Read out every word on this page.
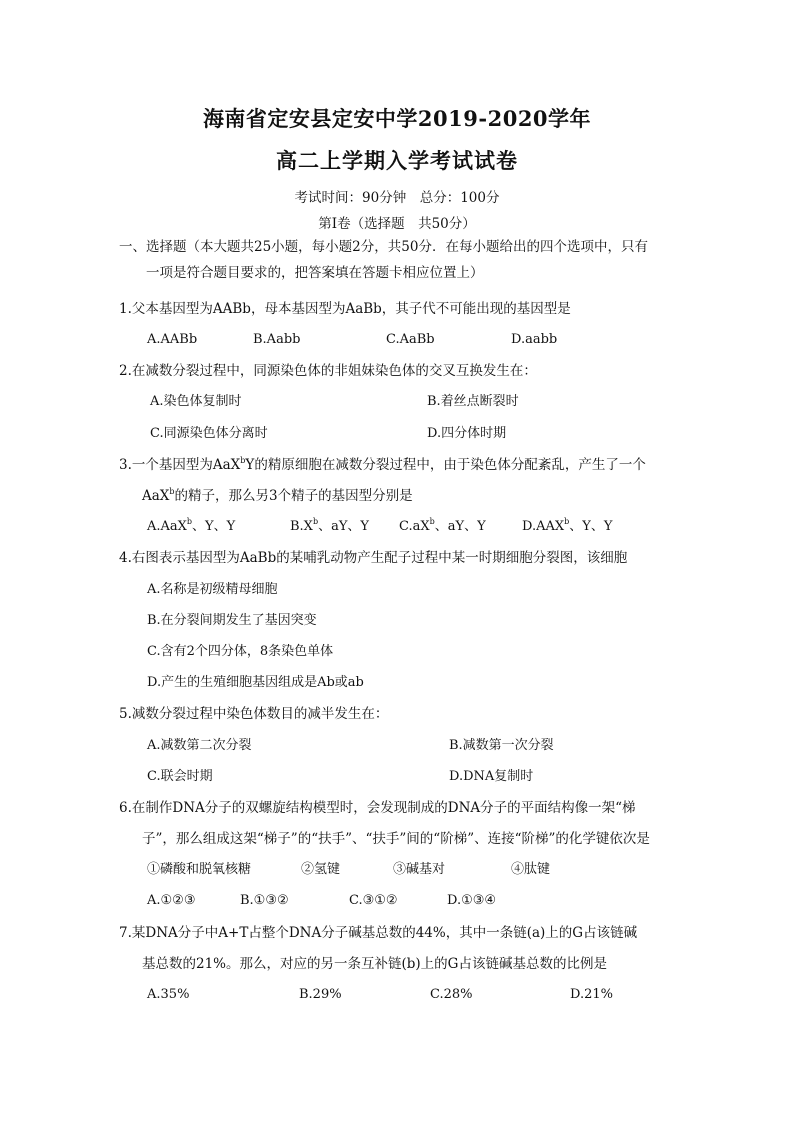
海南省定安县定安中学2019-2020学年
高二上学期入学考试试卷
考试时间：90分钟　总分：100分
第Ⅰ卷（选择题　共50分）
一、选择题（本大题共25小题，每小题2分，共50分．在每小题给出的四个选项中，只有
一项是符合题目要求的，把答案填在答题卡相应位置上）
1.父本基因型为AABb，母本基因型为AaBb，其子代不可能出现的基因型是
A.AABb	B.Aabb	C.AaBb	D.aabb
2.在减数分裂过程中，同源染色体的非姐妹染色体的交叉互换发生在：
A.染色体复制时	B.着丝点断裂时
C.同源染色体分离时	D.四分体时期
3.一个基因型为AaX$^b$Y的精原细胞在减数分裂过程中，由于染色体分配紊乱，产生了一个
AaX$^b$的精子，那么另3个精子的基因型分别是
A.AaX$^b$、Y、Y	$B.X^b$、aY、Y $C.aX^b$、aY、Y	D.AAX$^b$、Y、Y
4.右图表示基因型为AaBb的某哺乳动物产生配子过程中某一时期细胞分裂图，该细胞
A.名称是初级精母细胞
B.在分裂间期发生了基因突变
C.含有2个四分体，8条染色单体
D.产生的生殖细胞基因组成是Ab或ab
5.减数分裂过程中染色体数目的减半发生在：
A.减数第二次分裂	B.减数第一次分裂
C.联会时期	D.DNA复制时
6.在制作DNA分子的双螺旋结构模型时，会发现制成的DNA分子的平面结构像一架“梯
子”，那么组成这架“梯子”的“扶手”、“扶手”间的“阶梯”、连接“阶梯”的化学键依次是
①磷酸和脱氧核糖	②氢键	③碱基对	④肽键
A.①②③	B.①③②	C.③①②	D.①③④
7.某DNA分子中A+T占整个DNA分子碱基总数的44%，其中一条链(a)上的G占该链碱
基总数的21%。那么，对应的另一条互补链(b)上的G占该链碱基总数的比例是
A.35%	B.29%	C.28%	D.21%
